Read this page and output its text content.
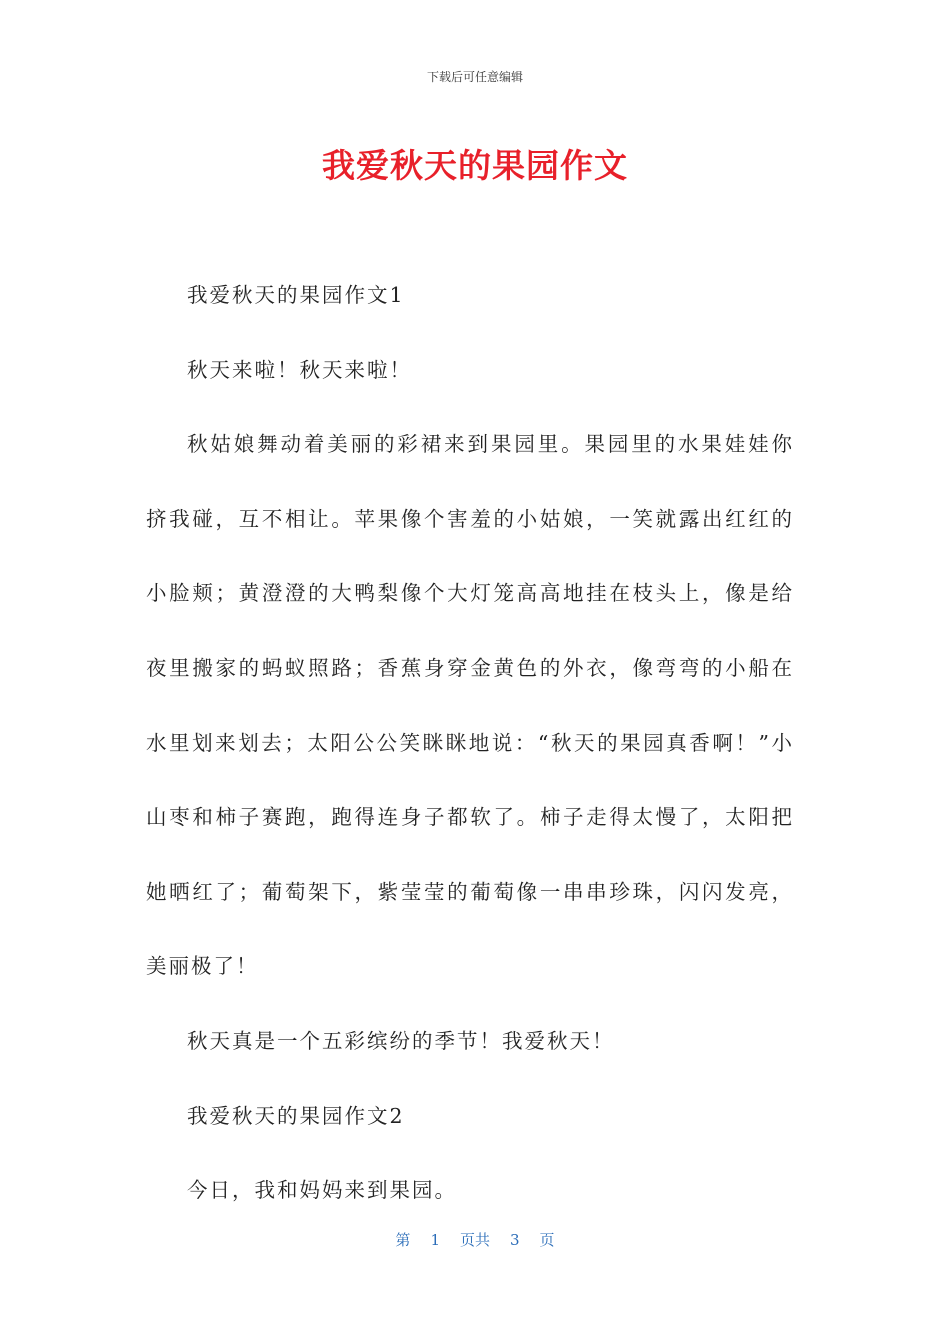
下载后可任意编辑
我爱秋天的果园作文

我爱秋天的果园作文1

秋天来啦！秋天来啦！

秋姑娘舞动着美丽的彩裙来到果园里。果园里的水果娃娃你挤我碰，互不相让。苹果像个害羞的小姑娘，一笑就露出红红的小脸颊；黄澄澄的大鸭梨像个大灯笼高高地挂在枝头上，像是给夜里搬家的蚂蚁照路；香蕉身穿金黄色的外衣，像弯弯的小船在水里划来划去；太阳公公笑眯眯地说：“秋天的果园真香啊！”小山枣和柿子赛跑，跑得连身子都软了。柿子走得太慢了，太阳把她晒红了；葡萄架下，紫莹莹的葡萄像一串串珍珠，闪闪发亮，美丽极了！

秋天真是一个五彩缤纷的季节！我爱秋天！

我爱秋天的果园作文2

今日，我和妈妈来到果园。

第 1 页共 3 页
